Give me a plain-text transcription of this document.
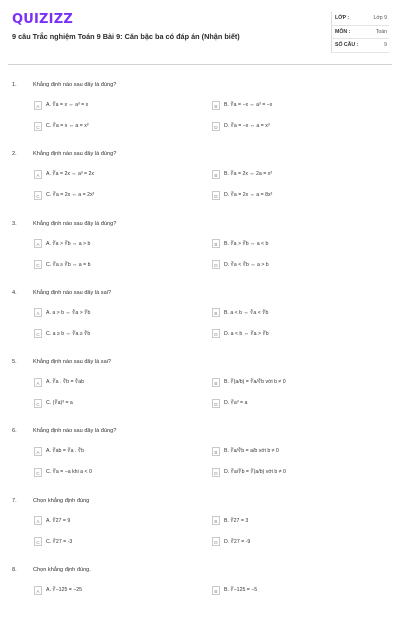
QUIZIZZ
9 câu Trắc nghiệm Toán 9 Bài 9: Căn bậc ba có đáp án (Nhận biết)
LỚP :	Lớp 9
MÔN :	Toán
SỐ CÂU :	9
1.	Khẳng định nào sau đây là đúng?
A	A. ∛a = x ⇔ a³ = x	B	B. ∛a = −x ⇔ a³ = −x
C	C. ∛a = x ⇔ a = x³	D	D. ∛a = −x ⇔ a = x³
2.	Khẳng định nào sau đây là đúng?
A	A. ∛a = 2x ⇔ a³ = 2x	B	B. ∛a = 2x ⇔ 2a = x³
C	C. ∛a = 2x ⇔ a = 2x³	D	D. ∛a = 2x ⇔ a = 8x³
3.	Khẳng định nào sau đây là đúng?
A	A. ∛a > ∛b ⇔ a > b	B	B. ∛a > ∛b ⇔ a < b
C	C. ∛a ≥ ∛b ⇔ a = b	D	D. ∛a < ∛b ⇔ a > b
4.	Khẳng định nào sau đây là sai?
A	A. a > b ⇔ ∛a > ∛b	B	B. a < b ⇔ ∛a < ∛b
C	C. a ≥ b ⇔ ∛a ≥ ∛b	D	D. a < b ⇔ ∛a > ∛b
5.	Khẳng định nào sau đây là sai?
A	A. ∛a . ∛b = ∛ab	B	B. ∛(a/b) = ∛a/∛b với b ≠ 0
C	C. (∛a)³ = a	D	D. ∛a³ = a
6.	Khẳng định nào sau đây là đúng?
A	A. ∛ab = ∛a . ∛b	B	B. ∛a/∛b = a/b với b ≠ 0
C	C. ∛a = −a khi a < 0	D	D. ∛a/∛b = ∛(a/b) với b ≠ 0
7.	Chọn khẳng định đúng
A	A. ∛27 = 9	B	B. ∛27 = 3
C	C. ∛27 = -3	D	D. ∛27 = -9
8.	Chọn khẳng định đúng.
A	A. ∛−125 = −25	B	B. ∛−125 = −5
